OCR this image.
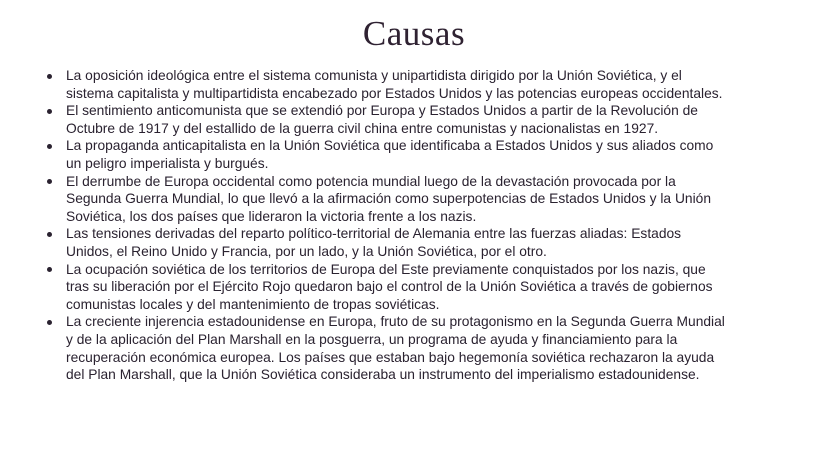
Causas
La oposición ideológica entre el sistema comunista y unipartidista dirigido por la Unión Soviética, y el sistema capitalista y multipartidista encabezado por Estados Unidos y las potencias europeas occidentales.
El sentimiento anticomunista que se extendió por Europa y Estados Unidos a partir de la Revolución de Octubre de 1917 y del estallido de la guerra civil china entre comunistas y nacionalistas en 1927.
La propaganda anticapitalista en la Unión Soviética que identificaba a Estados Unidos y sus aliados como un peligro imperialista y burgués.
El derrumbe de Europa occidental como potencia mundial luego de la devastación provocada por la Segunda Guerra Mundial, lo que llevó a la afirmación como superpotencias de Estados Unidos y la Unión Soviética, los dos países que lideraron la victoria frente a los nazis.
Las tensiones derivadas del reparto político-territorial de Alemania entre las fuerzas aliadas: Estados Unidos, el Reino Unido y Francia, por un lado, y la Unión Soviética, por el otro.
La ocupación soviética de los territorios de Europa del Este previamente conquistados por los nazis, que tras su liberación por el Ejército Rojo quedaron bajo el control de la Unión Soviética a través de gobiernos comunistas locales y del mantenimiento de tropas soviéticas.
La creciente injerencia estadounidense en Europa, fruto de su protagonismo en la Segunda Guerra Mundial y de la aplicación del Plan Marshall en la posguerra, un programa de ayuda y financiamiento para la recuperación económica europea. Los países que estaban bajo hegemonía soviética rechazaron la ayuda del Plan Marshall, que la Unión Soviética consideraba un instrumento del imperialismo estadounidense.
